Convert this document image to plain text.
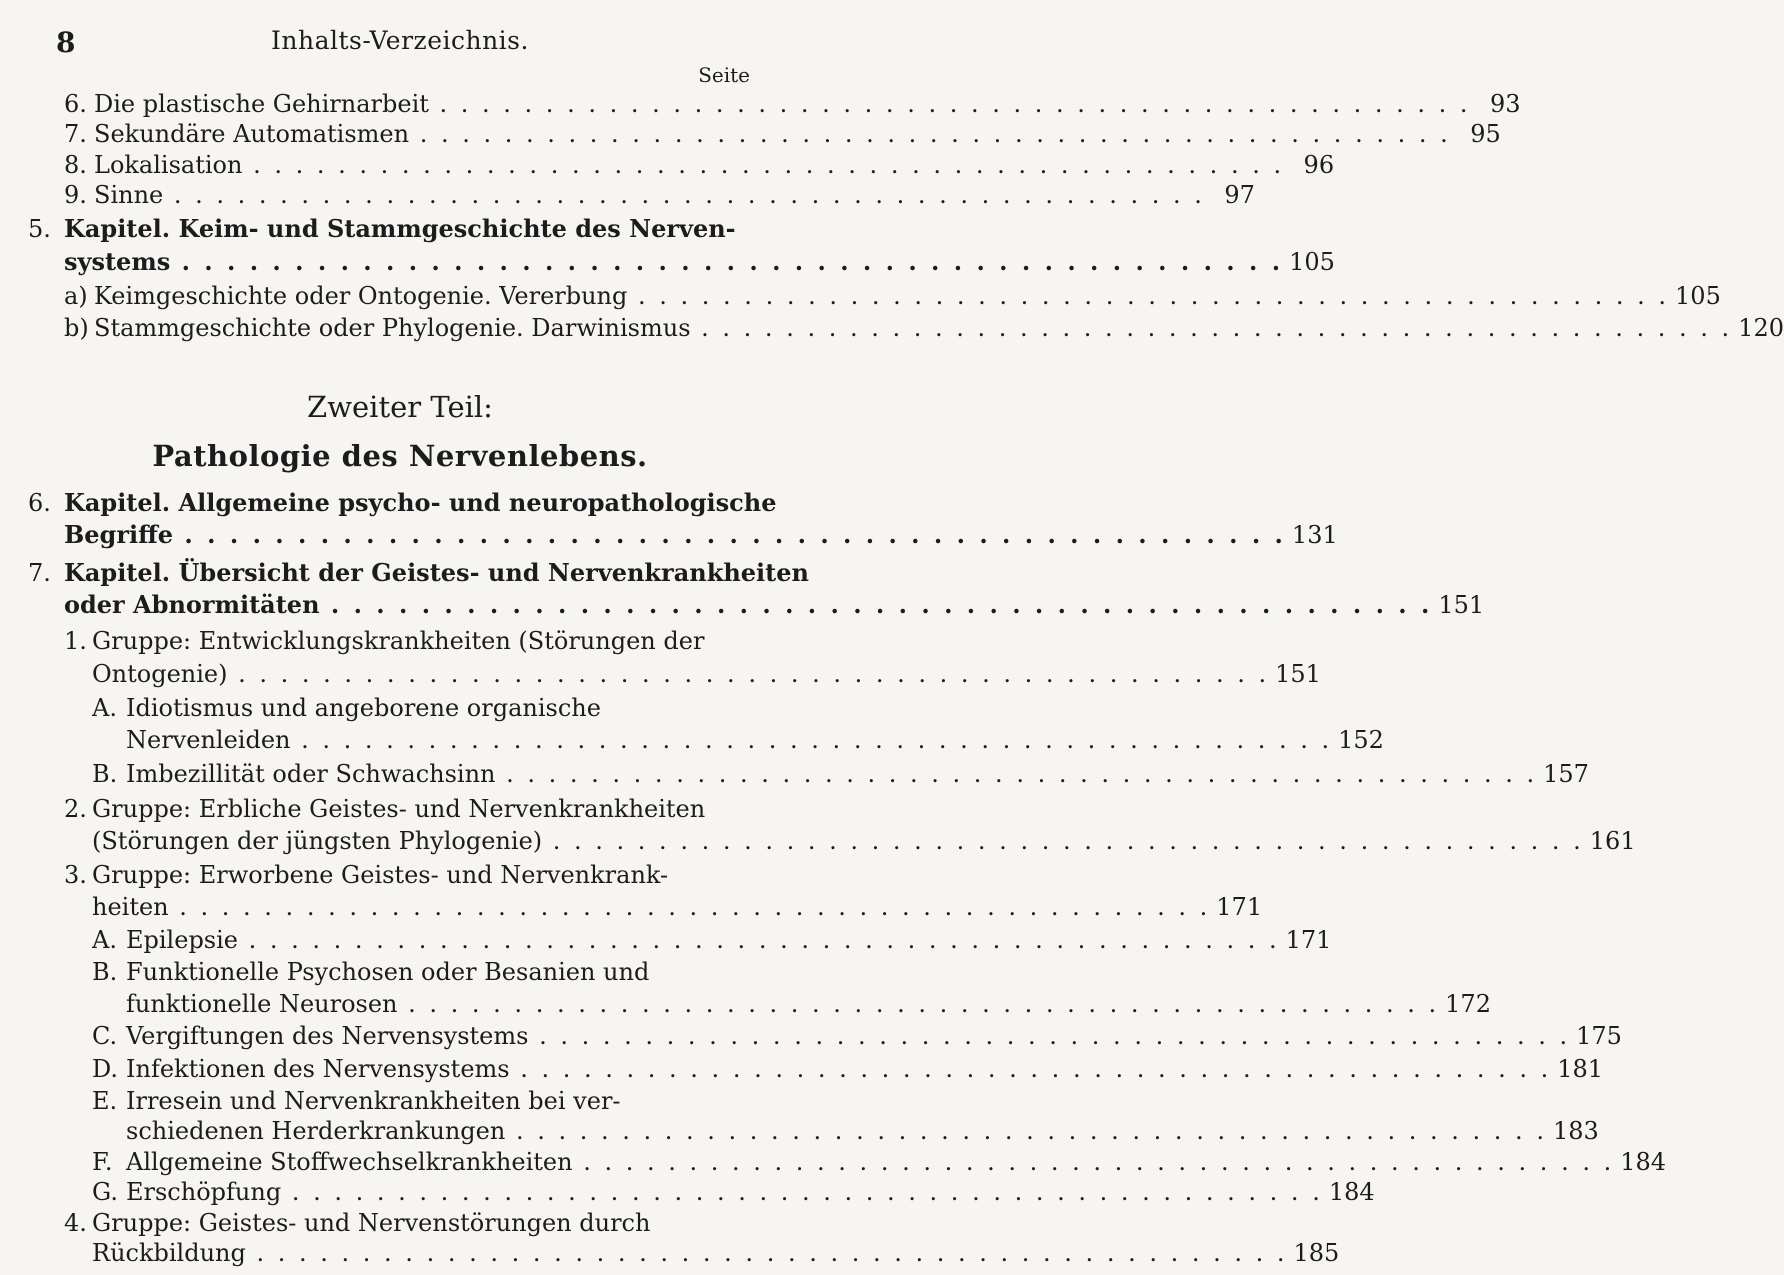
8	Inhalts-Verzeichnis.
Seite
6. Die plastische Gehirnarbeit . . .	93
7. Sekundäre Automatismen . . .	95
8. Lokalisation . . .	96
9. Sinne . . .	97
5. Kapitel. Keim- und Stammgeschichte des Nerven-
systems . . .	105
a) Keimgeschichte oder Ontogenie. Vererbung . . .	105
b) Stammgeschichte oder Phylogenie. Darwinismus . . .	120
Zweiter Teil:
Pathologie des Nervenlebens.
6. Kapitel. Allgemeine psycho- und neuropathologische
Begriffe . . .	131
7. Kapitel. Übersicht der Geistes- und Nervenkrankheiten
oder Abnormitäten . . .	151
1. Gruppe: Entwicklungskrankheiten (Störungen der
Ontogenie) . . .	151
A. Idiotismus und angeborene organische
Nervenleiden . . .	152
B. Imbezillität oder Schwachsinn . . .	157
2. Gruppe: Erbliche Geistes- und Nervenkrankheiten
(Störungen der jüngsten Phylogenie) . . .	161
3. Gruppe: Erworbene Geistes- und Nervenkrank-
heiten . . .	171
A. Epilepsie . . .	171
B. Funktionelle Psychosen oder Besanien und
funktionelle Neurosen . . .	172
C. Vergiftungen des Nervensystems . . .	175
D. Infektionen des Nervensystems . . .	181
E. Irresein und Nervenkrankheiten bei ver-
schiedenen Herderkrankungen . . .	183
F. Allgemeine Stoffwechselkrankheiten . . .	184
G. Erschöpfung . . .	184
4. Gruppe: Geistes- und Nervenstörungen durch
Rückbildung . . .	185
